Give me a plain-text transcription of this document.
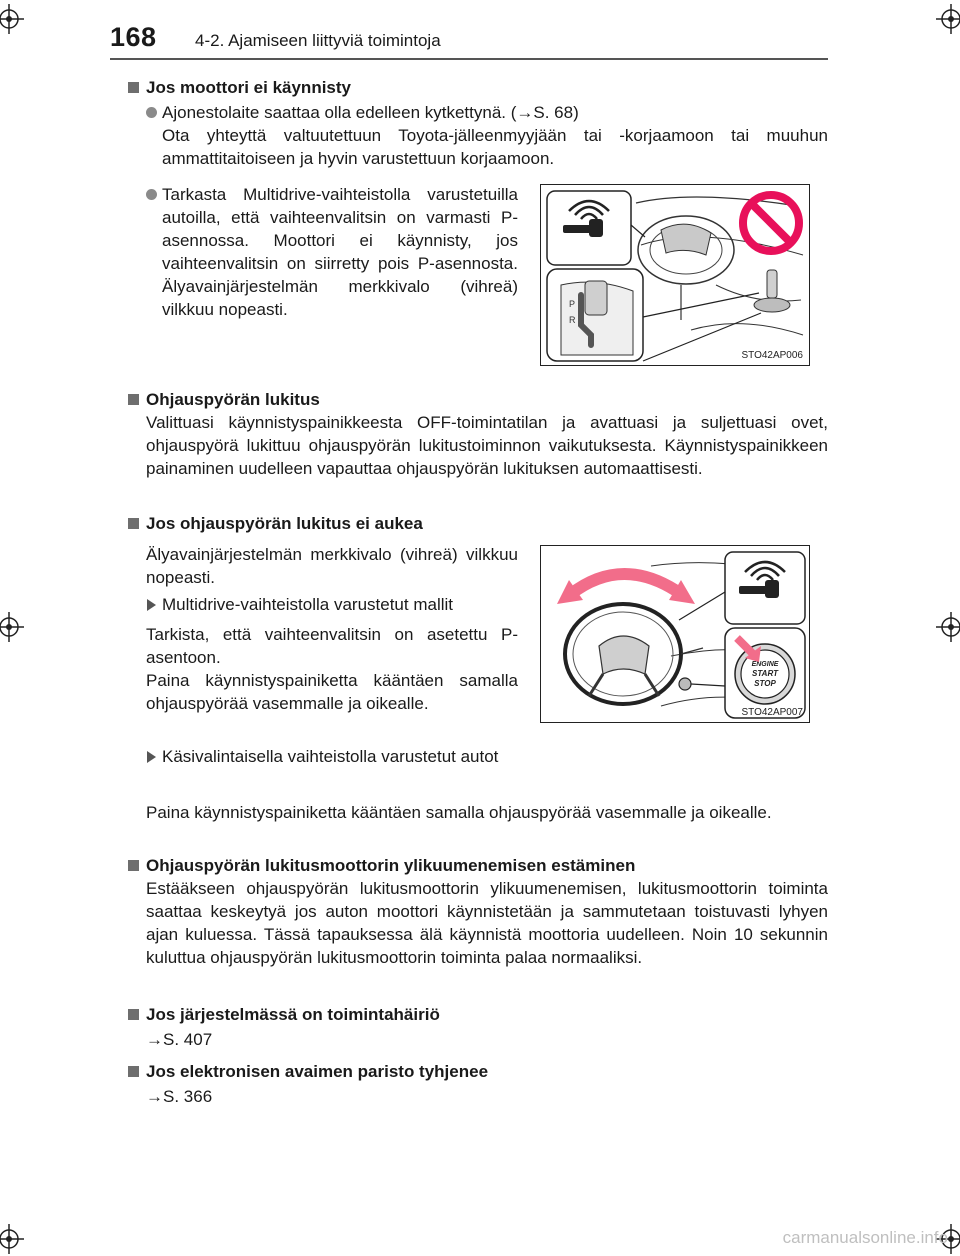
168 4-2. Ajamiseen liittyviä toimintoja
Jos moottori ei käynnisty
Ajonestolaite saattaa olla edelleen kytkettynä. (→S. 68)
Ota yhteyttä valtuutettuun Toyota-jälleenmyyjään tai -korjaamoon tai muuhun ammattitaitoiseen ja hyvin varustettuun korjaamoon.
Tarkasta Multidrive-vaihteistolla varustetuilla autoilla, että vaihteenvalitsin on varmasti P-asennossa. Moottori ei käynnisty, jos vaihteenvalitsin on siirretty pois P-asennosta. Älyavainjärjestelmän merkkivalo (vihreä) vilkkuu nopeasti.	P
R
STO42AP006
Ohjauspyörän lukitus
Valittuasi käynnistyspainikkeesta OFF-toimintatilan ja avattuasi ja suljettuasi ovet, ohjauspyörä lukittuu ohjauspyörän lukitustoiminnon vaikutuksesta. Käynnistyspainikkeen painaminen uudelleen vapauttaa ohjauspyörän lukituksen automaattisesti.
Jos ohjauspyörän lukitus ei aukea
Älyavainjärjestelmän merkkivalo (vihreä) vilkkuu nopeasti.
Multidrive-vaihteistolla varustetut mallit
Tarkista, että vaihteenvalitsin on asetettu P-asentoon.
Paina käynnistyspainiketta kääntäen samalla ohjauspyörää vasemmalle ja oikealle.
Käsivalintaisella vaihteistolla varustetut autot
ENGINE
START
STOP
STO42AP007
Paina käynnistyspainiketta kääntäen samalla ohjauspyörää vasemmalle ja oikealle.
Ohjauspyörän lukitusmoottorin ylikuumenemisen estäminen
Estääkseen ohjauspyörän lukitusmoottorin ylikuumenemisen, lukitusmoottorin toiminta saattaa keskeytyä jos auton moottori käynnistetään ja sammutetaan toistuvasti lyhyen ajan kuluessa. Tässä tapauksessa älä käynnistä moottoria uudelleen. Noin 10 sekunnin kuluttua ohjauspyörän lukitusmoottorin toiminta palaa normaaliksi.
Jos järjestelmässä on toimintahäiriö
→S. 407
Jos elektronisen avaimen paristo tyhjenee
→S. 366
carmanualsonline.info
